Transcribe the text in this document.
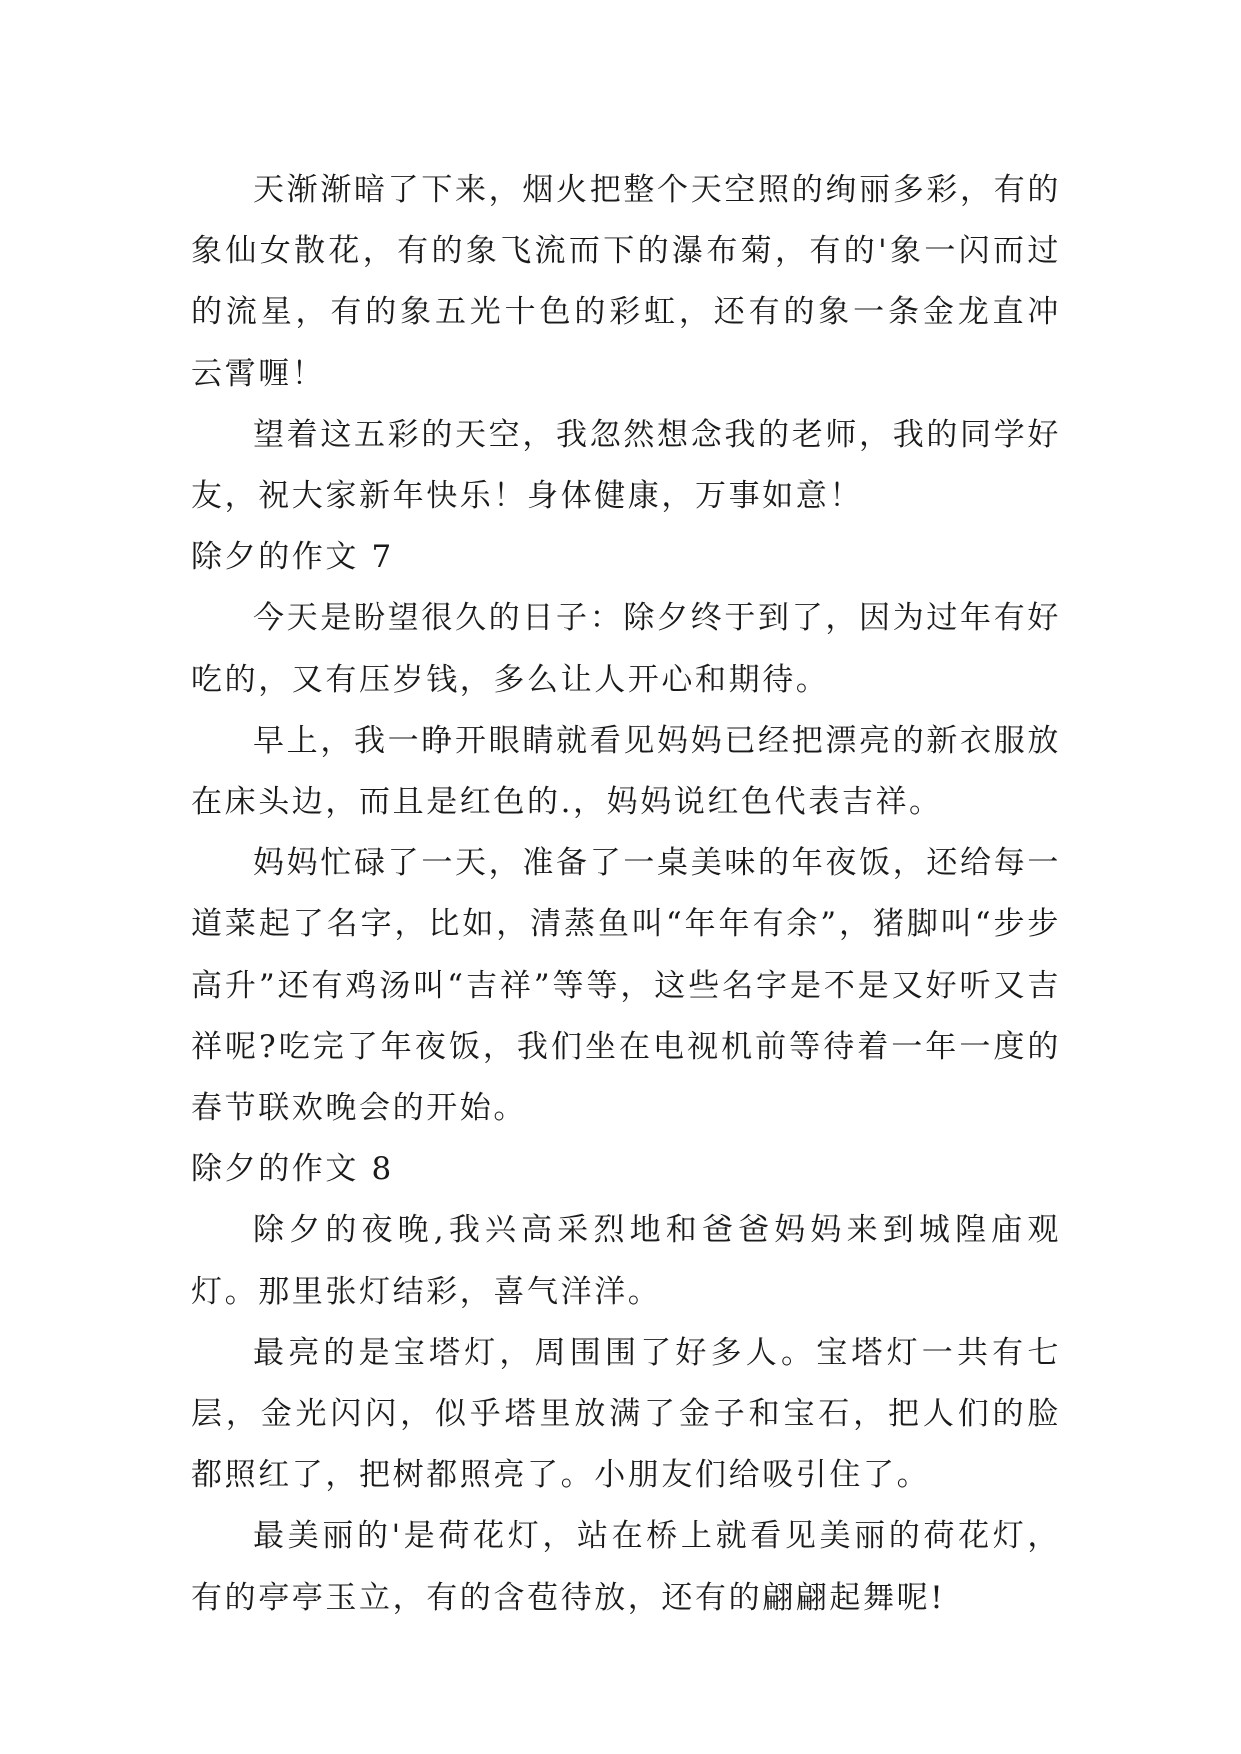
天渐渐暗了下来，烟火把整个天空照的绚丽多彩，有的象仙女散花，有的象飞流而下的瀑布菊，有的'象一闪而过的流星，有的象五光十色的彩虹，还有的象一条金龙直冲云霄喱！

望着这五彩的天空，我忽然想念我的老师，我的同学好友，祝大家新年快乐！身体健康，万事如意！

除夕的作文 7

今天是盼望很久的日子：除夕终于到了，因为过年有好吃的，又有压岁钱，多么让人开心和期待。

早上，我一睁开眼睛就看见妈妈已经把漂亮的新衣服放在床头边，而且是红色的.，妈妈说红色代表吉祥。

妈妈忙碌了一天，准备了一桌美味的年夜饭，还给每一道菜起了名字，比如，清蒸鱼叫“年年有余”，猪脚叫“步步高升”还有鸡汤叫“吉祥”等等，这些名字是不是又好听又吉祥呢?吃完了年夜饭，我们坐在电视机前等待着一年一度的春节联欢晚会的开始。

除夕的作文 8

除夕的夜晚,我兴高采烈地和爸爸妈妈来到城隍庙观灯。那里张灯结彩，喜气洋洋。

最亮的是宝塔灯，周围围了好多人。宝塔灯一共有七层，金光闪闪，似乎塔里放满了金子和宝石，把人们的脸都照红了，把树都照亮了。小朋友们给吸引住了。

最美丽的'是荷花灯，站在桥上就看见美丽的荷花灯，有的亭亭玉立，有的含苞待放，还有的翩翩起舞呢!
